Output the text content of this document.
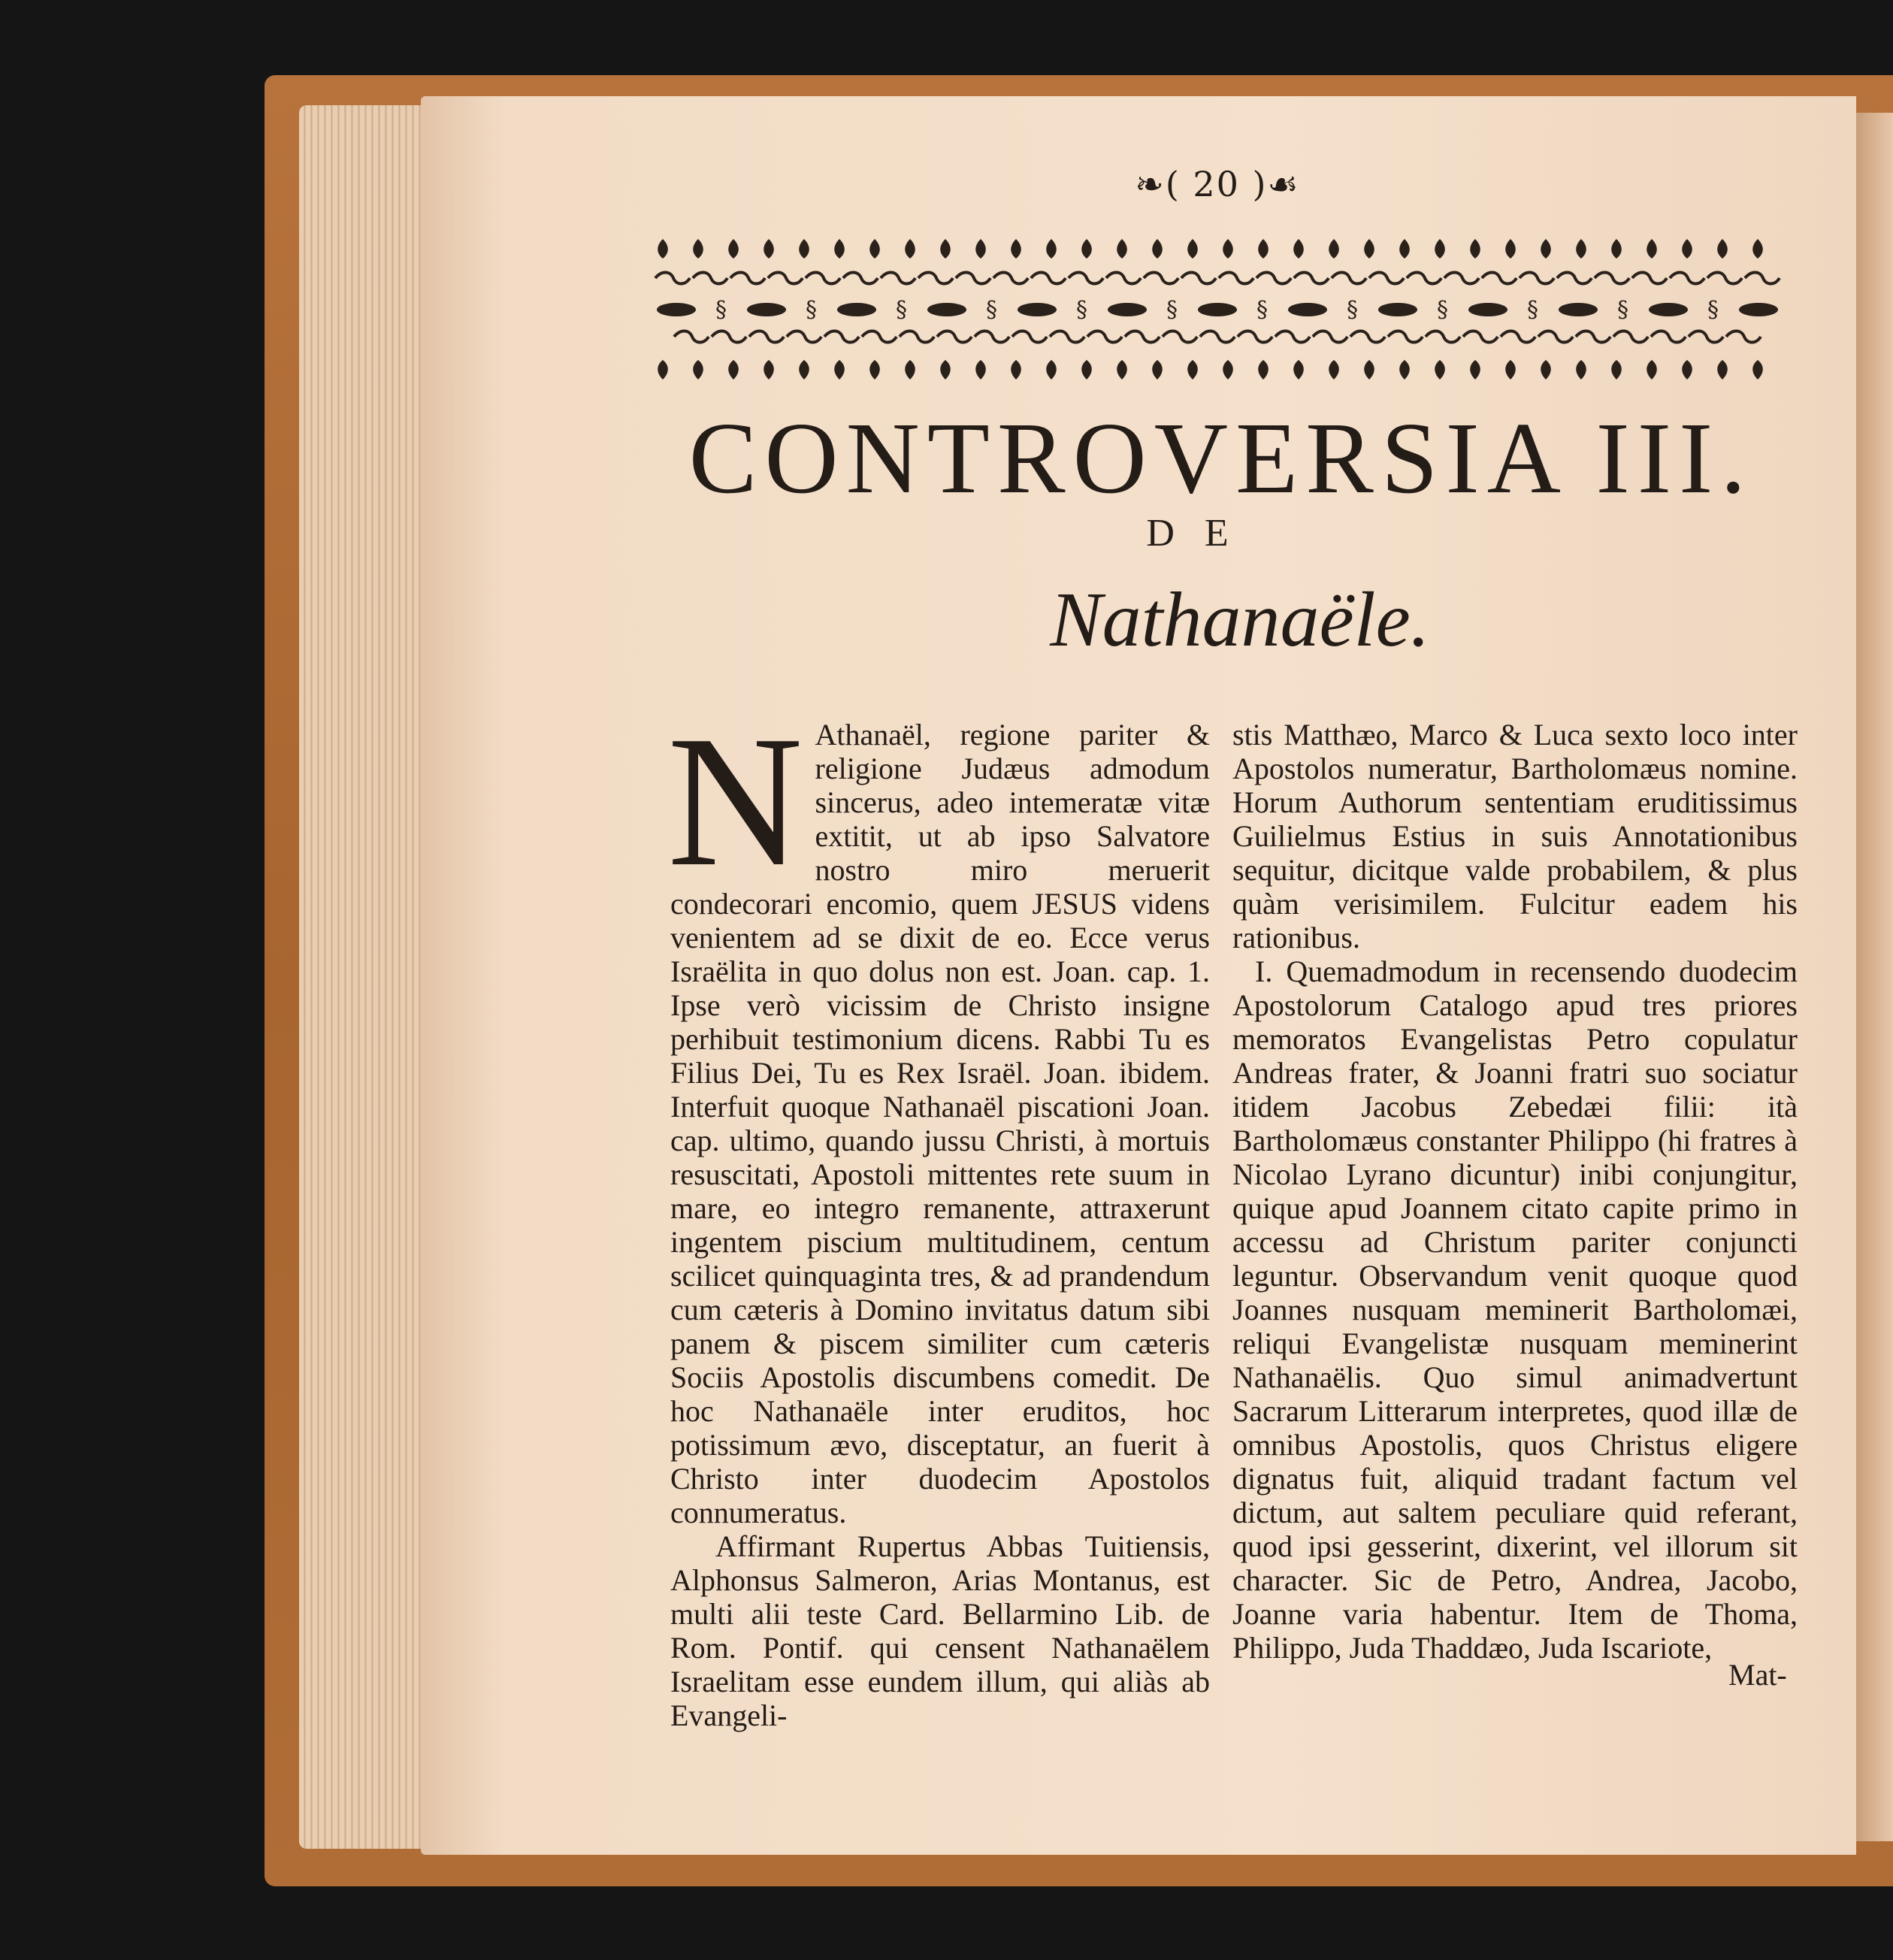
❧( 20 )☙
§	§	§	§	§	§	§	§	§	§	§	§
CONTROVERSIA III.
DE
Nathanaële.
N Athanaël, regione pariter & religione Judæus admodum sincerus, adeo intemeratæ vitæ extitit, ut ab ipso Salvatore nostro miro meruerit condecorari encomio, quem JESUS videns venientem ad se dixit de eo. Ecce verus Israëlita in quo dolus non est. Joan. cap. 1. Ipse verò vicissim de Christo insigne perhibuit testimonium dicens. Rabbi Tu es Filius Dei, Tu es Rex Israël. Joan. ibidem. Interfuit quoque Nathanaël piscationi Joan. cap. ultimo, quando jussu Christi, à mortuis resuscitati, Apostoli mittentes rete suum in mare, eo integro remanente, attraxerunt ingentem piscium multitudinem, centum scilicet quinquaginta tres, & ad prandendum cum cæteris à Domino invitatus datum sibi panem & piscem similiter cum cæteris Sociis Apostolis discumbens comedit. De hoc Nathanaële inter eruditos, hoc potissimum ævo, disceptatur, an fuerit à Christo inter duodecim Apostolos connumeratus.

Affirmant Rupertus Abbas Tuitiensis, Alphonsus Salmeron, Arias Montanus, est multi alii teste Card. Bellarmino Lib. de Rom. Pontif. qui censent Nathanaëlem Israelitam esse eundem illum, qui aliàs ab Evangeli-

stis Matthæo, Marco & Luca sexto loco inter Apostolos numeratur, Bartholomæus nomine. Horum Authorum sententiam eruditissimus Guilielmus Estius in suis Annotationibus sequitur, dicitque valde probabilem, & plus quàm verisimilem. Fulcitur eadem his rationibus.

I. Quemadmodum in recensendo duodecim Apostolorum Catalogo apud tres priores memoratos Evangelistas Petro copulatur Andreas frater, & Joanni fratri suo sociatur itidem Jacobus Zebedæi filii: ità Bartholomæus constanter Philippo (hi fratres à Nicolao Lyrano dicuntur) inibi conjungitur, quique apud Joannem citato capite primo in accessu ad Christum pariter conjuncti leguntur. Observandum venit quoque quod Joannes nusquam meminerit Bartholomæi, reliqui Evangelistæ nusquam meminerint Nathanaëlis. Quo simul animadvertunt Sacrarum Litterarum interpretes, quod illæ de omnibus Apostolis, quos Christus eligere dignatus fuit, aliquid tradant factum vel dictum, aut saltem peculiare quid referant, quod ipsi gesserint, dixerint, vel illorum sit character. Sic de Petro, Andrea, Jacobo, Joanne varia habentur. Item de Thoma, Philippo, Juda Thaddæo, Juda Iscariote,

Mat-
